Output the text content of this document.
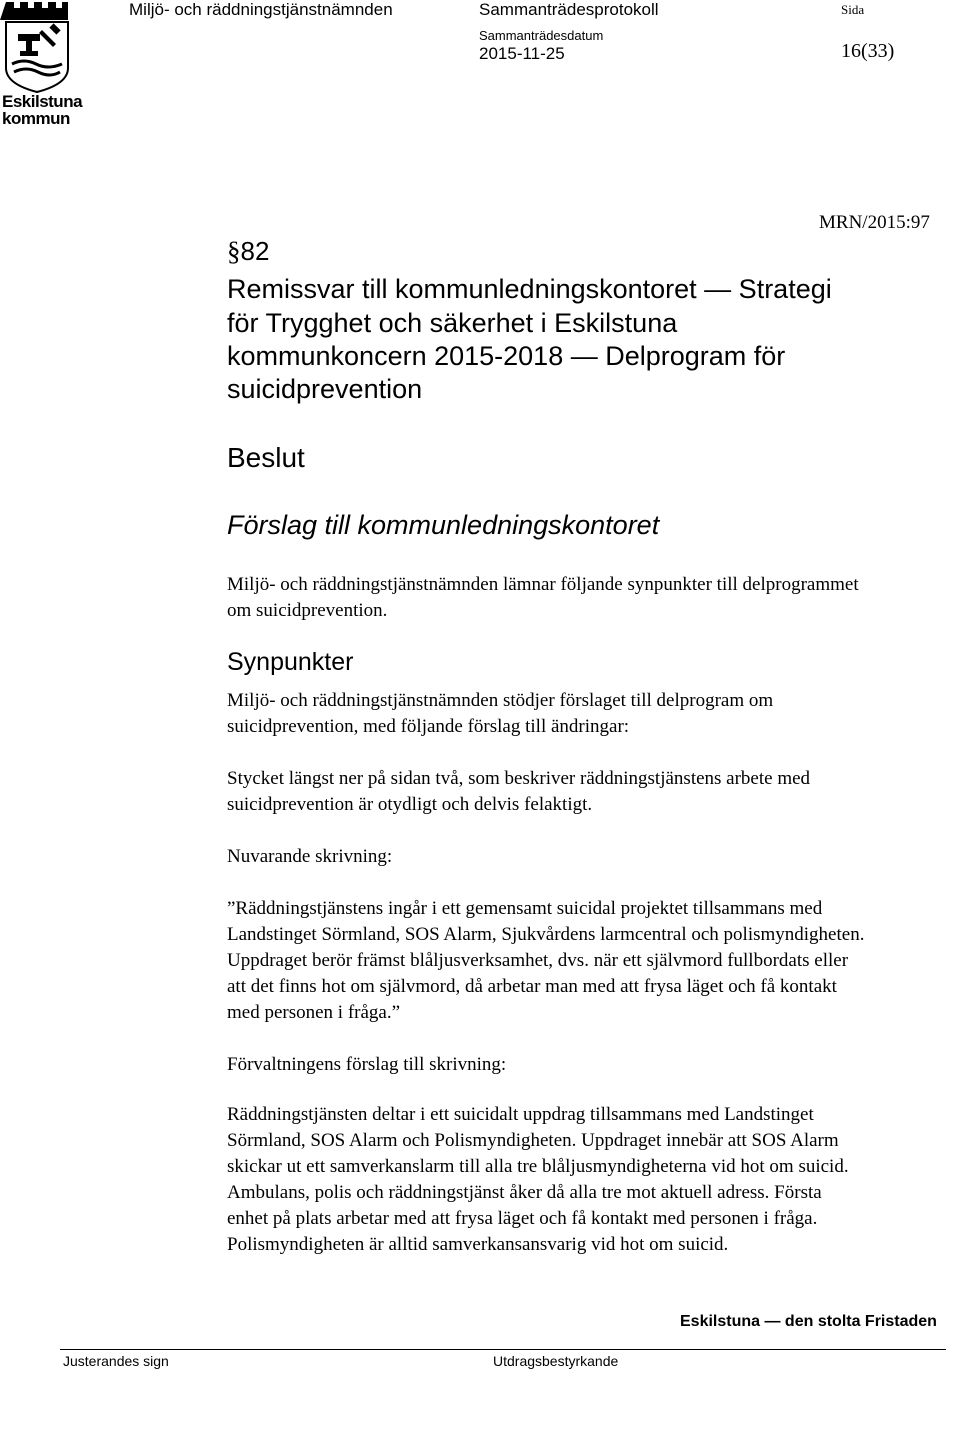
Eskilstuna
kommun
Miljö- och räddningstjänstnämnden	Sammanträdesprotokoll	Sida
Sammanträdesdatum
2015-11-25	16(33)
MRN/2015:97
§82
Remissvar till kommunledningskontoret — Strategi
för Trygghet och säkerhet i Eskilstuna
kommunkoncern 2015-2018 — Delprogram för
suicidprevention
Beslut
Förslag till kommunledningskontoret
Miljö- och räddningstjänstnämnden lämnar följande synpunkter till delprogrammet
om suicidprevention.
Synpunkter
Miljö- och räddningstjänstnämnden stödjer förslaget till delprogram om
suicidprevention, med följande förslag till ändringar:
Stycket längst ner på sidan två, som beskriver räddningstjänstens arbete med
suicidprevention är otydligt och delvis felaktigt.
Nuvarande skrivning:
”Räddningstjänstens ingår i ett gemensamt suicidal projektet tillsammans med
Landstinget Sörmland, SOS Alarm, Sjukvårdens larmcentral och polismyndigheten.
Uppdraget berör främst blåljusverksamhet, dvs. när ett självmord fullbordats eller
att det finns hot om självmord, då arbetar man med att frysa läget och få kontakt
med personen i fråga.”
Förvaltningens förslag till skrivning:
Räddningstjänsten deltar i ett suicidalt uppdrag tillsammans med Landstinget
Sörmland, SOS Alarm och Polismyndigheten. Uppdraget innebär att SOS Alarm
skickar ut ett samverkanslarm till alla tre blåljusmyndigheterna vid hot om suicid.
Ambulans, polis och räddningstjänst åker då alla tre mot aktuell adress. Första
enhet på plats arbetar med att frysa läget och få kontakt med personen i fråga.
Polismyndigheten är alltid samverkansansvarig vid hot om suicid.
Eskilstuna — den stolta Fristaden
Justerandes sign	Utdragsbestyrkande
